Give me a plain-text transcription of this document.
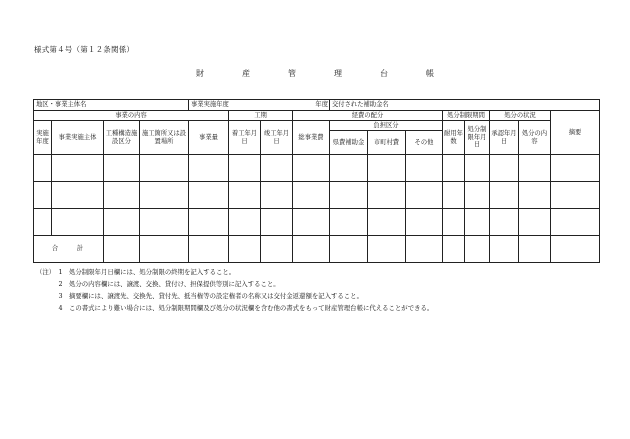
様式第４号（第１２条関係）
財　産　管　理　台　帳
地区・事業主体名				事業実施年度 年度				交付された補助金名							
事業の内容					工期		経費の配分				処分制限期間		処分の状況		摘要
実施年度	事業実施主体	工種構造施設区分	施工箇所又は設置場所	事業量	着工年月日	竣工年月日	総事業費	負担区分			耐用年数	処分制限年月日	承認年月日	処分の内容	
								県費補助金	市町村費	その他					

合　　計															
（注） 1	処分制限年月日欄には、処分制限の終期を記入すること。
2	処分の内容欄には、譲渡、交換、貸付け、担保提供等別に記入すること。
3	摘要欄には、譲渡先、交換先、貸付先、抵当権等の設定権者の名称又は交付金返還額を記入すること。
4	この書式により難い場合には、処分制限期間欄及び処分の状況欄を含む他の書式をもって財産管理台帳に代えることができる。
